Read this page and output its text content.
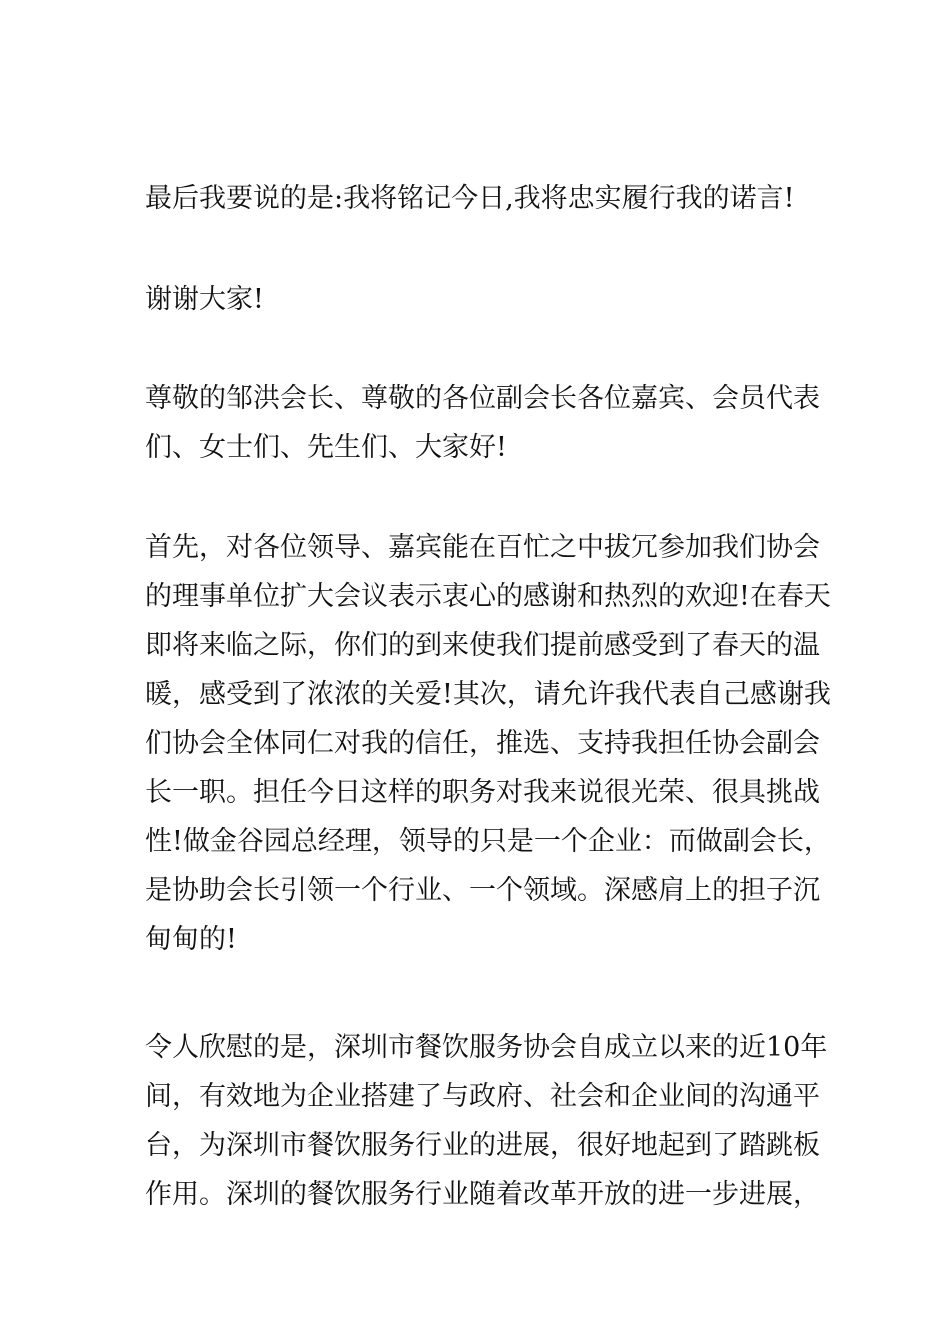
最后我要说的是:我将铭记今日,我将忠实履行我的诺言!

谢谢大家!

尊敬的邹洪会长、尊敬的各位副会长各位嘉宾、会员代表

们、女士们、先生们、大家好!

首先，对各位领导、嘉宾能在百忙之中拔冗参加我们协会

的理事单位扩大会议表示衷心的感谢和热烈的欢迎!在春天

即将来临之际，你们的到来使我们提前感受到了春天的温

暖，感受到了浓浓的关爱!其次，请允许我代表自己感谢我

们协会全体同仁对我的信任，推选、支持我担任协会副会

长一职。担任今日这样的职务对我来说很光荣、很具挑战

性!做金谷园总经理，领导的只是一个企业：而做副会长，

是协助会长引领一个行业、一个领域。深感肩上的担子沉

甸甸的!

令人欣慰的是，深圳市餐饮服务协会自成立以来的近10年

间，有效地为企业搭建了与政府、社会和企业间的沟通平

台，为深圳市餐饮服务行业的进展，很好地起到了踏跳板

作用。深圳的餐饮服务行业随着改革开放的进一步进展，
